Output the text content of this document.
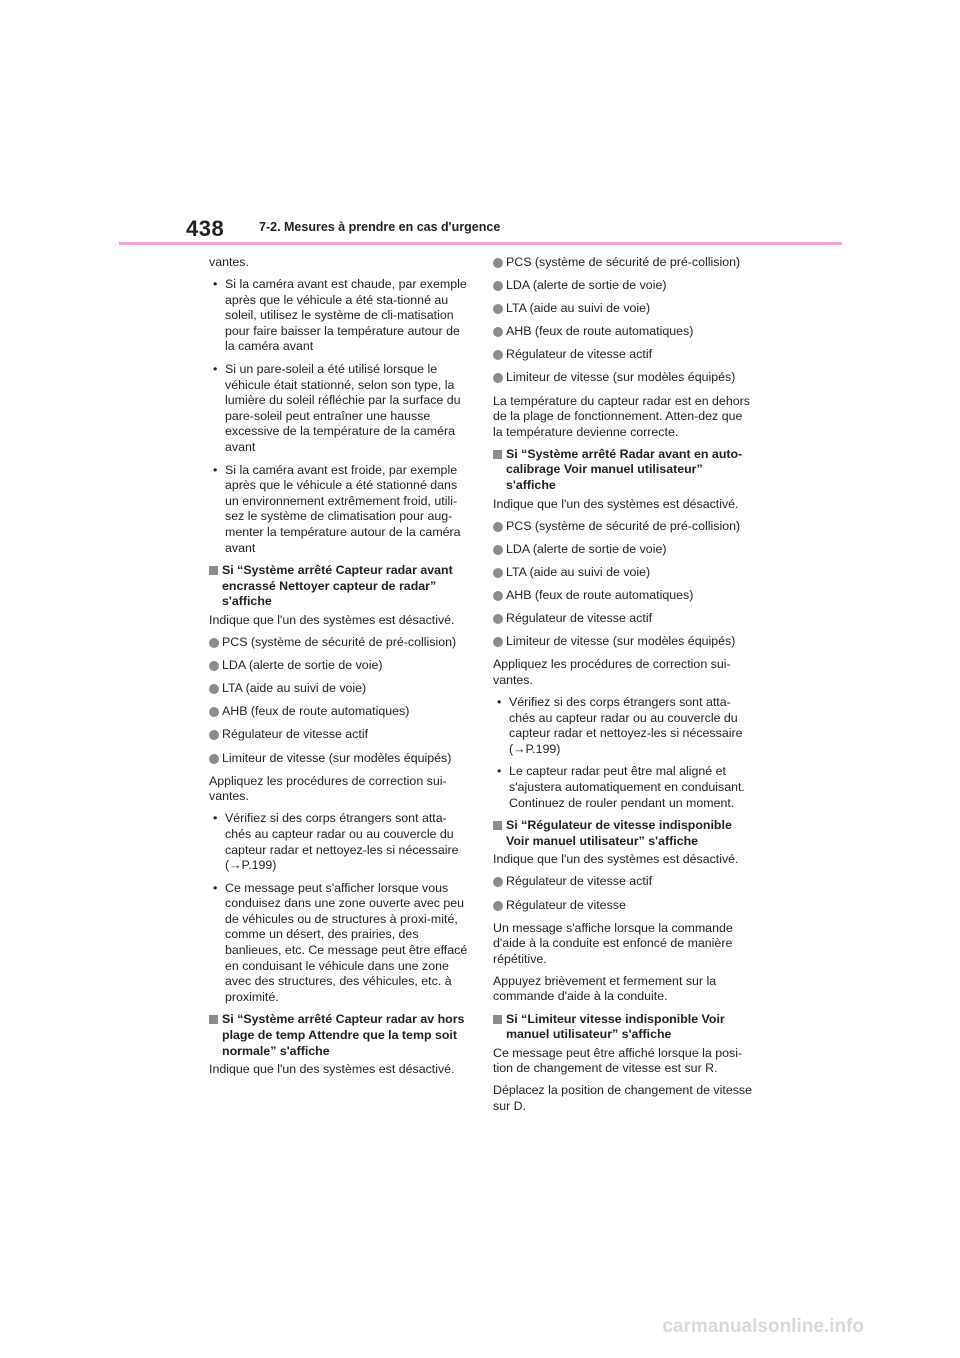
438	7-2. Mesures à prendre en cas d'urgence

vantes.

• Si la caméra avant est chaude, par exemple après que le véhicule a été sta-tionné au soleil, utilisez le système de cli-matisation pour faire baisser la température autour de la caméra avant
• Si un pare-soleil a été utilisé lorsque le véhicule était stationné, selon son type, la lumière du soleil réfléchie par la surface du pare-soleil peut entraîner une hausse excessive de la température de la caméra avant
• Si la caméra avant est froide, par exemple après que le véhicule a été stationné dans un environnement extrêmement froid, utili-sez le système de climatisation pour aug-menter la température autour de la caméra avant
Si “Système arrêté Capteur radar avant encrassé Nettoyer capteur de radar” s'affiche

Indique que l'un des systèmes est désactivé.

PCS (système de sécurité de pré-collision)
LDA (alerte de sortie de voie)
LTA (aide au suivi de voie)
AHB (feux de route automatiques)
Régulateur de vitesse actif
Limiteur de vitesse (sur modèles équipés)

Appliquez les procédures de correction sui-vantes.

• Vérifiez si des corps étrangers sont atta-chés au capteur radar ou au couvercle du capteur radar et nettoyez-les si nécessaire (→P.199)
• Ce message peut s'afficher lorsque vous conduisez dans une zone ouverte avec peu de véhicules ou de structures à proxi-mité, comme un désert, des prairies, des banlieues, etc. Ce message peut être effacé en conduisant le véhicule dans une zone avec des structures, des véhicules, etc. à proximité.
Si “Système arrêté Capteur radar av hors plage de temp Attendre que la temp soit normale” s'affiche

Indique que l'un des systèmes est désactivé.

PCS (système de sécurité de pré-collision)
LDA (alerte de sortie de voie)
LTA (aide au suivi de voie)
AHB (feux de route automatiques)
Régulateur de vitesse actif
Limiteur de vitesse (sur modèles équipés)

La température du capteur radar est en dehors de la plage de fonctionnement. Atten-dez que la température devienne correcte.

Si “Système arrêté Radar avant en auto-calibrage Voir manuel utilisateur” s'affiche

Indique que l'un des systèmes est désactivé.

PCS (système de sécurité de pré-collision)
LDA (alerte de sortie de voie)
LTA (aide au suivi de voie)
AHB (feux de route automatiques)
Régulateur de vitesse actif
Limiteur de vitesse (sur modèles équipés)

Appliquez les procédures de correction sui-vantes.

• Vérifiez si des corps étrangers sont atta-chés au capteur radar ou au couvercle du capteur radar et nettoyez-les si nécessaire (→P.199)
• Le capteur radar peut être mal aligné et s'ajustera automatiquement en conduisant. Continuez de rouler pendant un moment.
Si “Régulateur de vitesse indisponible Voir manuel utilisateur” s'affiche

Indique que l'un des systèmes est désactivé.

Régulateur de vitesse actif
Régulateur de vitesse

Un message s'affiche lorsque la commande d'aide à la conduite est enfoncé de manière répétitive.

Appuyez brièvement et fermement sur la commande d'aide à la conduite.

Si “Limiteur vitesse indisponible Voir manuel utilisateur” s'affiche

Ce message peut être affiché lorsque la posi-tion de changement de vitesse est sur R.

Déplacez la position de changement de vitesse sur D.

carmanualsonline.info
